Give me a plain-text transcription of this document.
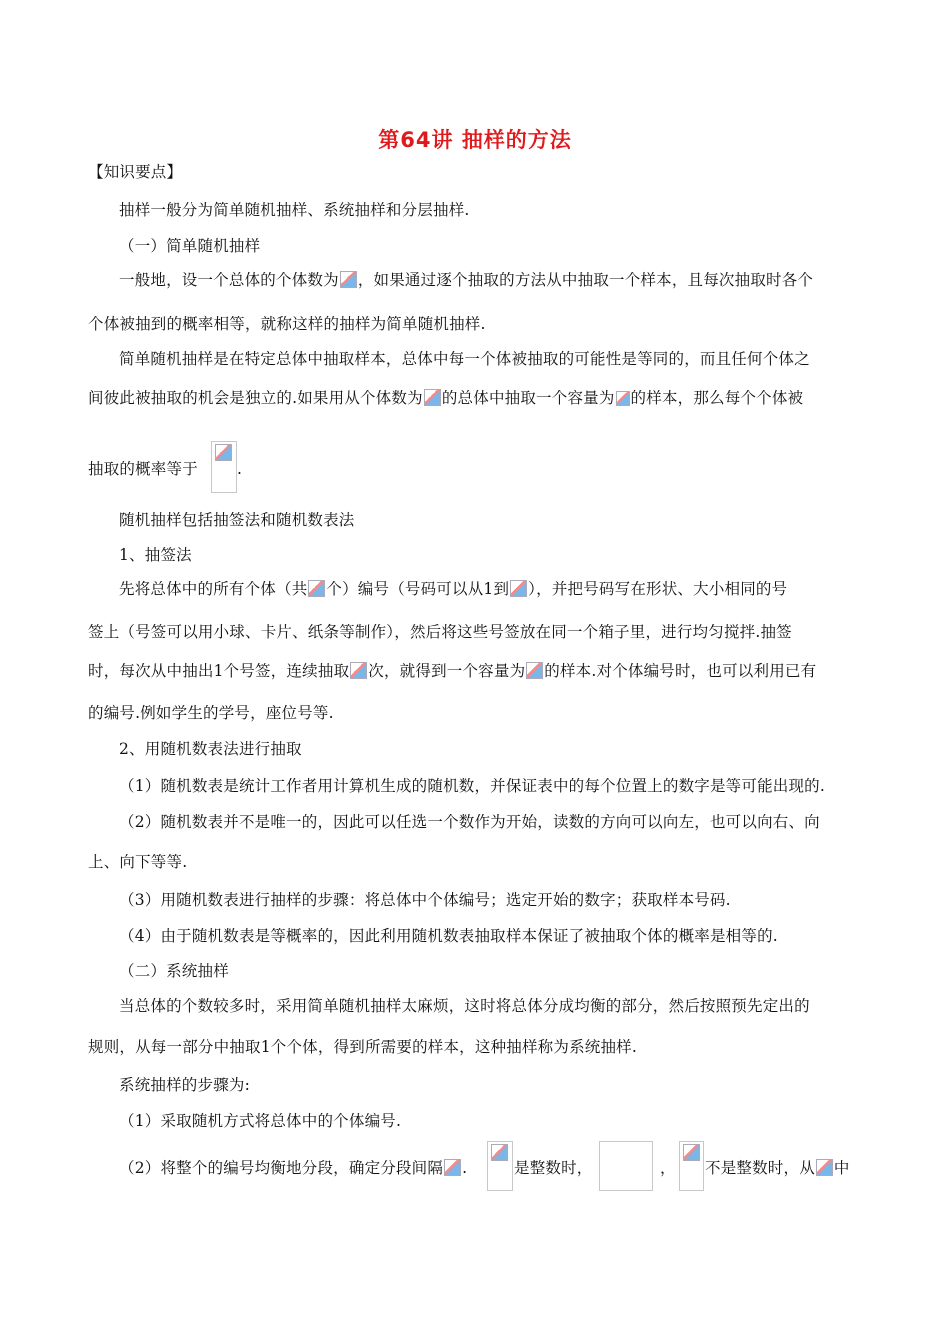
第64讲 抽样的方法
【知识要点】
抽样一般分为简单随机抽样、系统抽样和分层抽样.
（一）简单随机抽样
一般地，设一个总体的个体数为 ，如果通过逐个抽取的方法从中抽取一个样本，且每次抽取时各个
个体被抽到的概率相等，就称这样的抽样为简单随机抽样.
简单随机抽样是在特定总体中抽取样本，总体中每一个体被抽取的可能性是等同的，而且任何个体之
间彼此被抽取的机会是独立的.如果用从个体数为 的总体中抽取一个容量为 的样本，那么每个个体被
抽取的概率等于	.
随机抽样包括抽签法和随机数表法
1、抽签法
先将总体中的所有个体（共 个）编号（号码可以从1到 ），并把号码写在形状、大小相同的号
签上（号签可以用小球、卡片、纸条等制作），然后将这些号签放在同一个箱子里，进行均匀搅拌.抽签
时，每次从中抽出1个号签，连续抽取 次，就得到一个容量为 的样本.对个体编号时，也可以利用已有
的编号.例如学生的学号，座位号等.
2、用随机数表法进行抽取
（1）随机数表是统计工作者用计算机生成的随机数，并保证表中的每个位置上的数字是等可能出现的.
（2）随机数表并不是唯一的，因此可以任选一个数作为开始，读数的方向可以向左，也可以向右、向
上、向下等等.
（3）用随机数表进行抽样的步骤：将总体中个体编号；选定开始的数字；获取样本号码.
（4）由于随机数表是等概率的，因此利用随机数表抽取样本保证了被抽取个体的概率是相等的.
（二）系统抽样
当总体的个数较多时，采用简单随机抽样太麻烦，这时将总体分成均衡的部分，然后按照预先定出的
规则，从每一部分中抽取1个个体，得到所需要的样本，这种抽样称为系统抽样.
系统抽样的步骤为:
（1）采取随机方式将总体中的个体编号.
（2）将整个的编号均衡地分段，确定分段间隔 .	是整数时，	， 不是整数时，从 中
